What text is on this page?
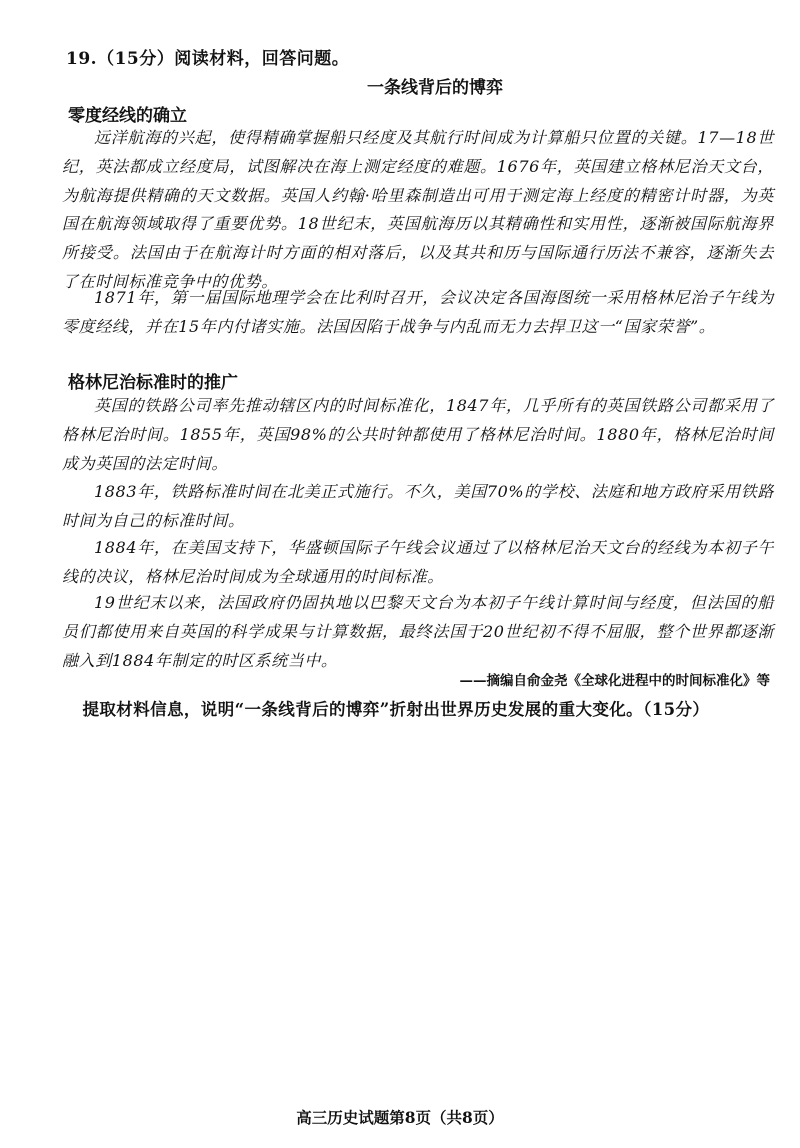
19.（15分）阅读材料，回答问题。
一条线背后的博弈
零度经线的确立
远洋航海的兴起，使得精确掌握船只经度及其航行时间成为计算船只位置的关键。17—18世纪，英法都成立经度局，试图解决在海上测定经度的难题。1676年，英国建立格林尼治天文台，为航海提供精确的天文数据。英国人约翰·哈里森制造出可用于测定海上经度的精密计时器，为英国在航海领域取得了重要优势。18世纪末，英国航海历以其精确性和实用性，逐渐被国际航海界所接受。法国由于在航海计时方面的相对落后，以及其共和历与国际通行历法不兼容，逐渐失去了在时间标准竞争中的优势。
1871年，第一届国际地理学会在比利时召开，会议决定各国海图统一采用格林尼治子午线为零度经线，并在15年内付诸实施。法国因陷于战争与内乱而无力去捍卫这一“国家荣誉”。
格林尼治标准时的推广
英国的铁路公司率先推动辖区内的时间标准化，1847年，几乎所有的英国铁路公司都采用了格林尼治时间。1855年，英国98%的公共时钟都使用了格林尼治时间。1880年，格林尼治时间成为英国的法定时间。
1883年，铁路标准时间在北美正式施行。不久，美国70%的学校、法庭和地方政府采用铁路时间为自己的标准时间。
1884年，在美国支持下，华盛顿国际子午线会议通过了以格林尼治天文台的经线为本初子午线的决议，格林尼治时间成为全球通用的时间标准。
19世纪末以来，法国政府仍固执地以巴黎天文台为本初子午线计算时间与经度，但法国的船员们都使用来自英国的科学成果与计算数据，最终法国于20世纪初不得不屈服，整个世界都逐渐融入到1884年制定的时区系统当中。
——摘编自俞金尧《全球化进程中的时间标准化》等
提取材料信息，说明“一条线背后的博弈”折射出世界历史发展的重大变化。（15分）
高三历史试题第8页（共8页）
